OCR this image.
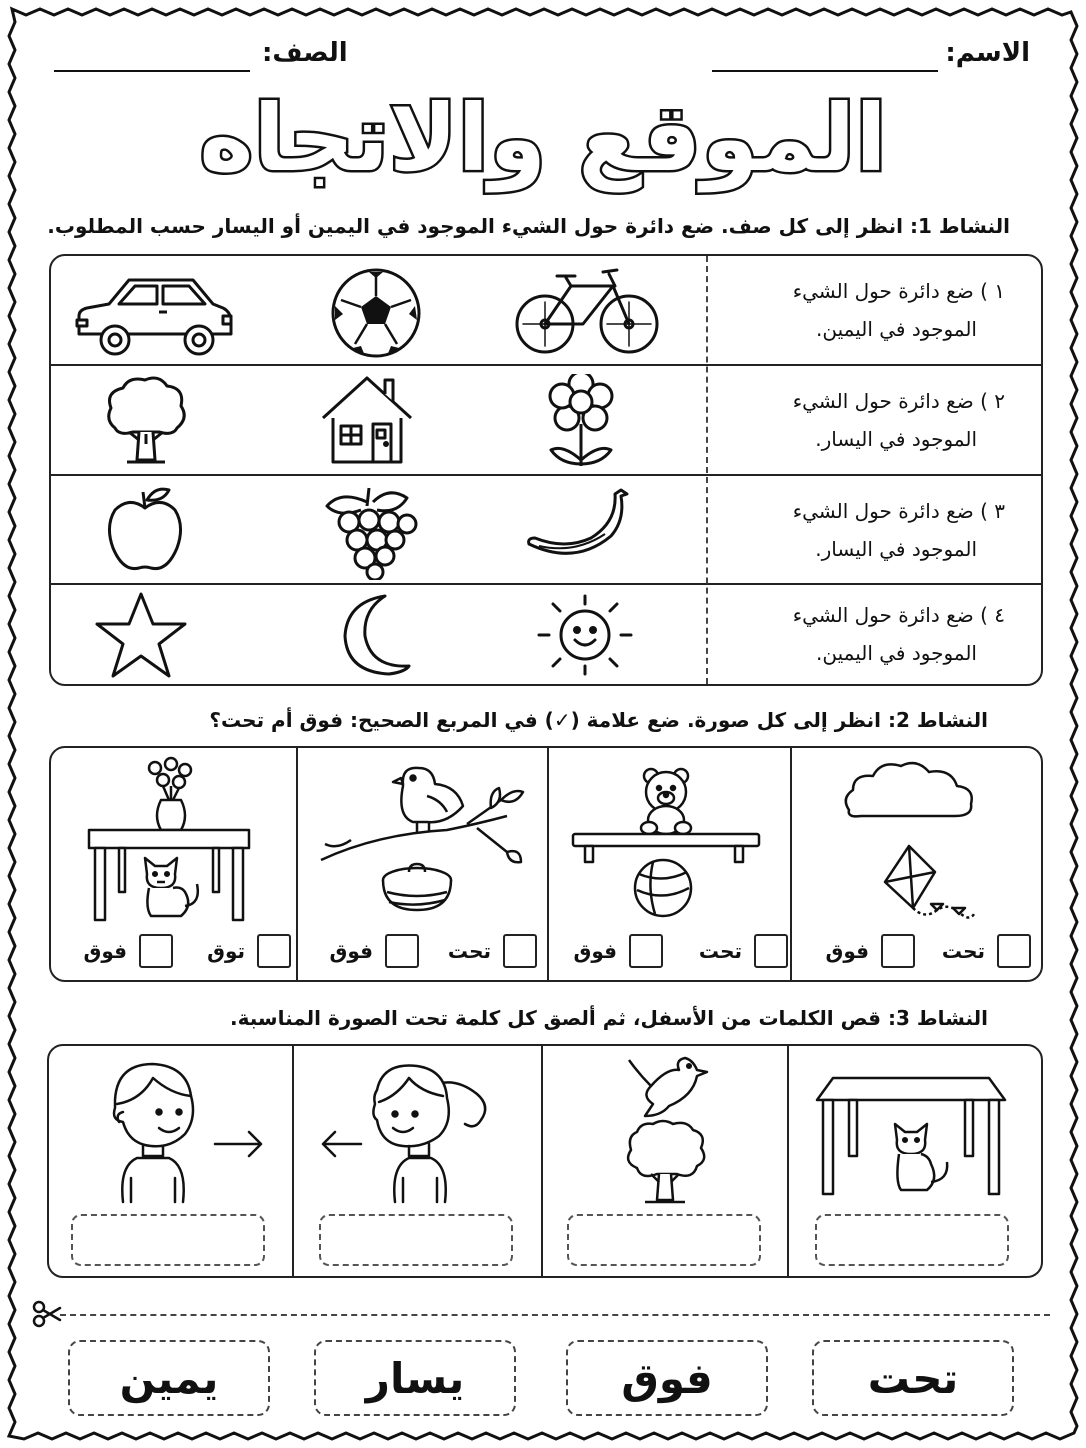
الاسم:
الصف:
الموقع والاتجاه
النشاط 1: انظر إلى كل صف. ضع دائرة حول الشيء الموجود في اليمين أو اليسار حسب المطلوب.
١ ) ضع دائرة حول الشيء
الموجود في اليمين.
٢ ) ضع دائرة حول الشيء
الموجود في اليسار.
٣ ) ضع دائرة حول الشيء
الموجود في اليسار.
٤ ) ضع دائرة حول الشيء
الموجود في اليمين.
النشاط 2: انظر إلى كل صورة. ضع علامة (✓) في المربع الصحيح: فوق أم تحت؟
تحت
فوق
تحت
فوق
تحت
فوق
توق
فوق
النشاط 3: قص الكلمات من الأسفل، ثم ألصق كل كلمة تحت الصورة المناسبة.
تحت
فوق
يسار
يمين
